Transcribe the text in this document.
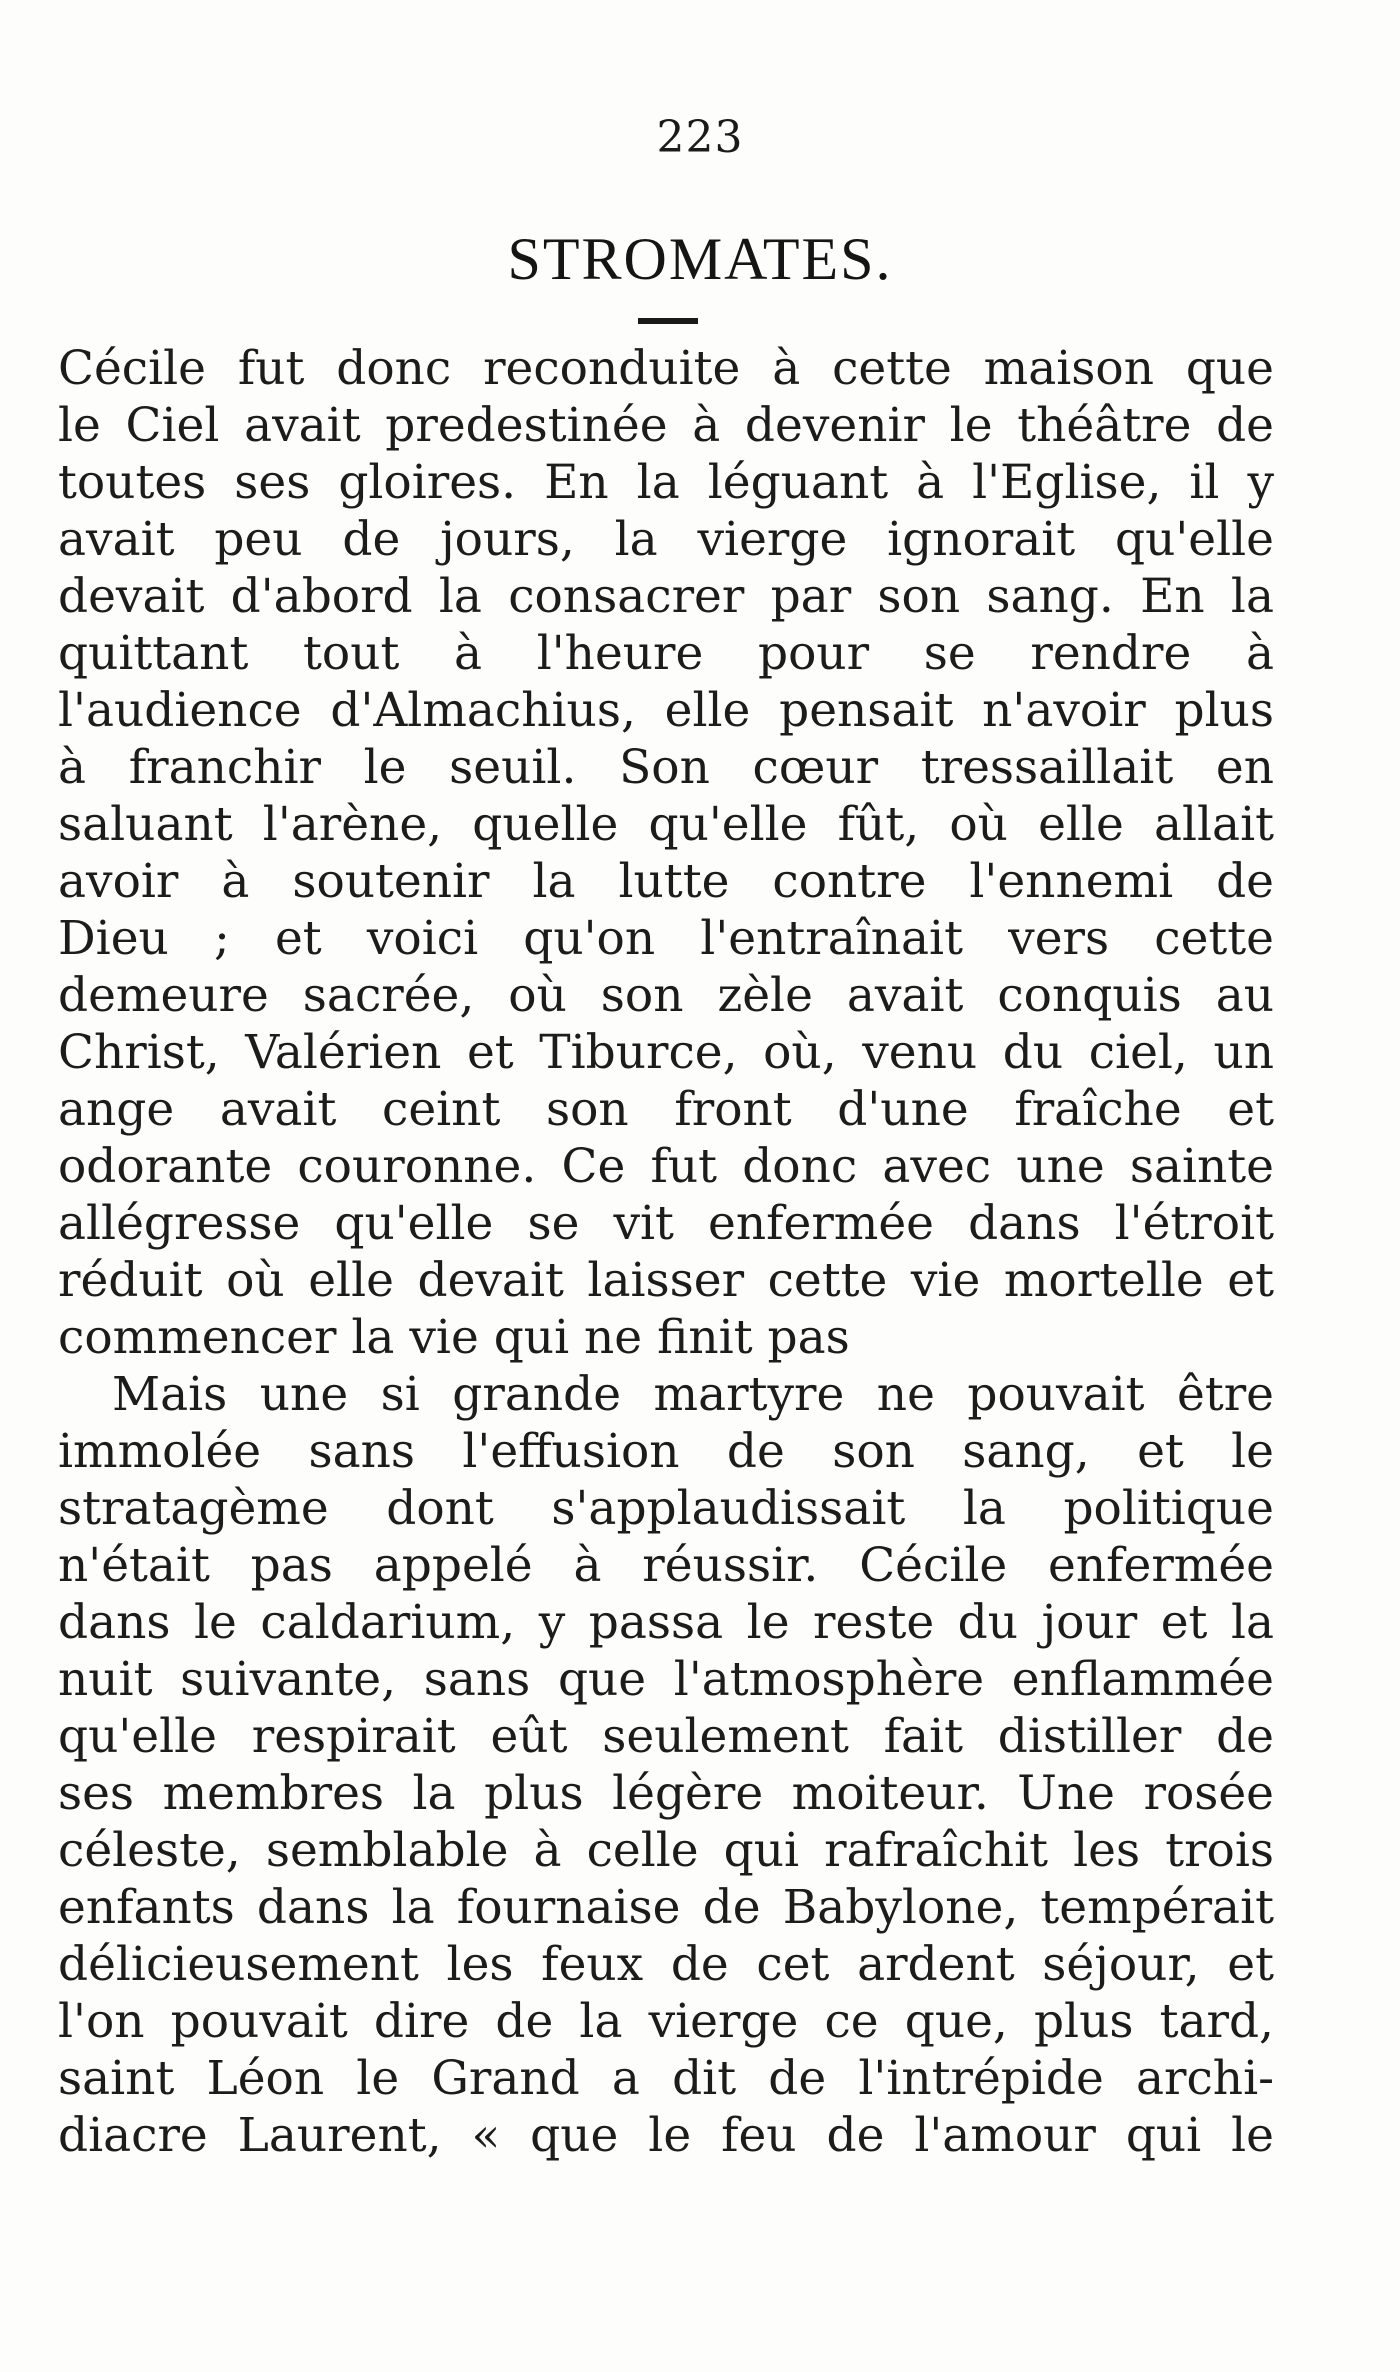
223
STROMATES.
Cécile fut donc reconduite à cette maison que
le Ciel avait predestinée à devenir le théâtre de
toutes ses gloires. En la léguant à l'Eglise, il y
avait peu de jours, la vierge ignorait qu'elle
devait d'abord la consacrer par son sang. En la
quittant tout à l'heure pour se rendre à
l'audience d'Almachius, elle pensait n'avoir plus
à franchir le seuil. Son cœur tressaillait en
saluant l'arène, quelle qu'elle fût, où elle allait
avoir à soutenir la lutte contre l'ennemi de
Dieu ; et voici qu'on l'entraînait vers cette
demeure sacrée, où son zèle avait conquis au
Christ, Valérien et Tiburce, où, venu du ciel, un
ange avait ceint son front d'une fraîche et
odorante couronne. Ce fut donc avec une sainte
allégresse qu'elle se vit enfermée dans l'étroit
réduit où elle devait laisser cette vie mortelle et
commencer la vie qui ne finit pas
Mais une si grande martyre ne pouvait être
immolée sans l'effusion de son sang, et le
stratagème dont s'applaudissait la politique
n'était pas appelé à réussir. Cécile enfermée
dans le caldarium, y passa le reste du jour et la
nuit suivante, sans que l'atmosphère enflammée
qu'elle respirait eût seulement fait distiller de
ses membres la plus légère moiteur. Une rosée
céleste, semblable à celle qui rafraîchit les trois
enfants dans la fournaise de Babylone, tempérait
délicieusement les feux de cet ardent séjour, et
l'on pouvait dire de la vierge ce que, plus tard,
saint Léon le Grand a dit de l'intrépide archi-
diacre Laurent, « que le feu de l'amour qui le
